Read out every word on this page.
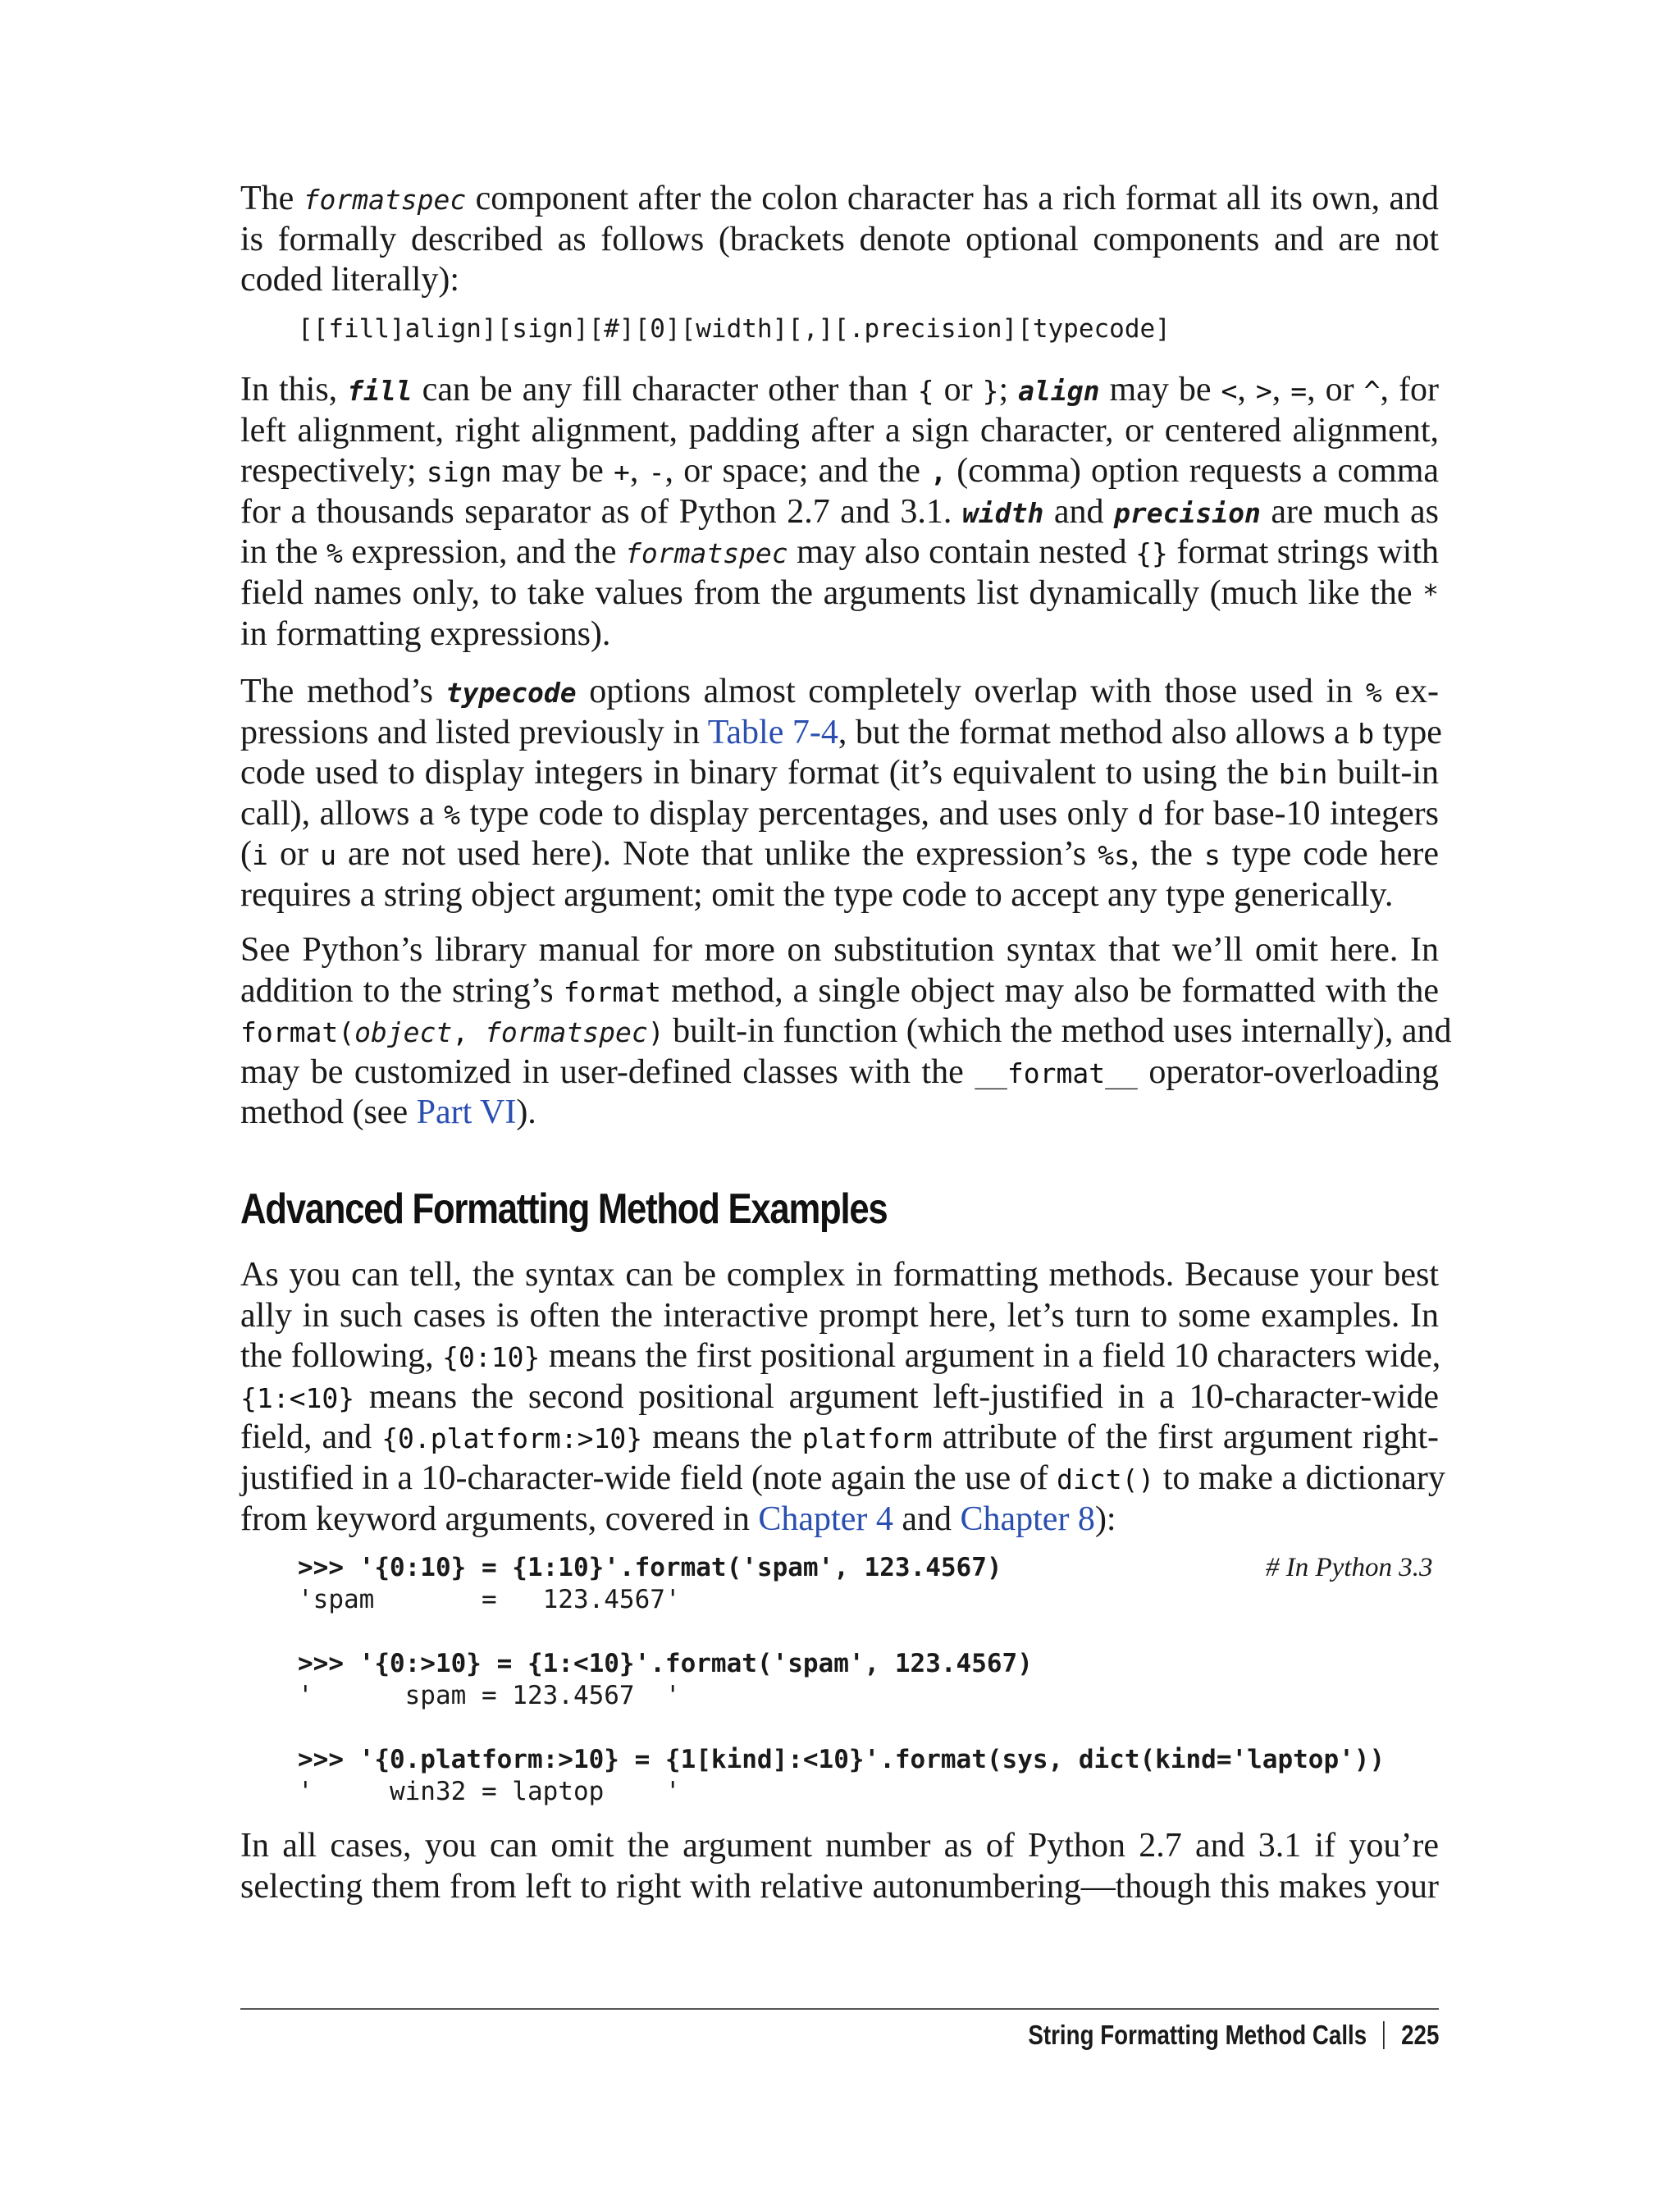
The formatspec component after the colon character has a rich format all its own, and
is formally described as follows (brackets denote optional components and are not
coded literally):
[[fill]align][sign][#][0][width][,][.precision][typecode]
In this, fill can be any fill character other than { or }; align may be <, >, =, or ^, for
left alignment, right alignment, padding after a sign character, or centered alignment,
respectively; sign may be +, -, or space; and the , (comma) option requests a comma
for a thousands separator as of Python 2.7 and 3.1. width and precision are much as
in the % expression, and the formatspec may also contain nested {} format strings with
field names only, to take values from the arguments list dynamically (much like the *
in formatting expressions).
The method’s typecode options almost completely overlap with those used in % ex-
pressions and listed previously in Table 7-4, but the format method also allows a b type
code used to display integers in binary format (it’s equivalent to using the bin built-in
call), allows a % type code to display percentages, and uses only d for base-10 integers
(i or u are not used here). Note that unlike the expression’s %s, the s type code here
requires a string object argument; omit the type code to accept any type generically.
See Python’s library manual for more on substitution syntax that we’ll omit here. In
addition to the string’s format method, a single object may also be formatted with the
format(object, formatspec) built-in function (which the method uses internally), and
may be customized in user-defined classes with the __format__ operator-overloading
method (see Part VI).
Advanced Formatting Method Examples
As you can tell, the syntax can be complex in formatting methods. Because your best
ally in such cases is often the interactive prompt here, let’s turn to some examples. In
the following, {0:10} means the first positional argument in a field 10 characters wide,
{1:<10} means the second positional argument left-justified in a 10-character-wide
field, and {0.platform:>10} means the platform attribute of the first argument right-
justified in a 10-character-wide field (note again the use of dict() to make a dictionary
from keyword arguments, covered in Chapter 4 and Chapter 8):
>>> '{0:10} = {1:10}'.format('spam', 123.4567)
'spam       =   123.4567'
>>> '{0:>10} = {1:<10}'.format('spam', 123.4567)
'      spam = 123.4567  '
>>> '{0.platform:>10} = {1[kind]:<10}'.format(sys, dict(kind='laptop'))
'     win32 = laptop    '
# In Python 3.3
In all cases, you can omit the argument number as of Python 2.7 and 3.1 if you’re
selecting them from left to right with relative autonumbering—though this makes your
String Formatting Method Calls 225
